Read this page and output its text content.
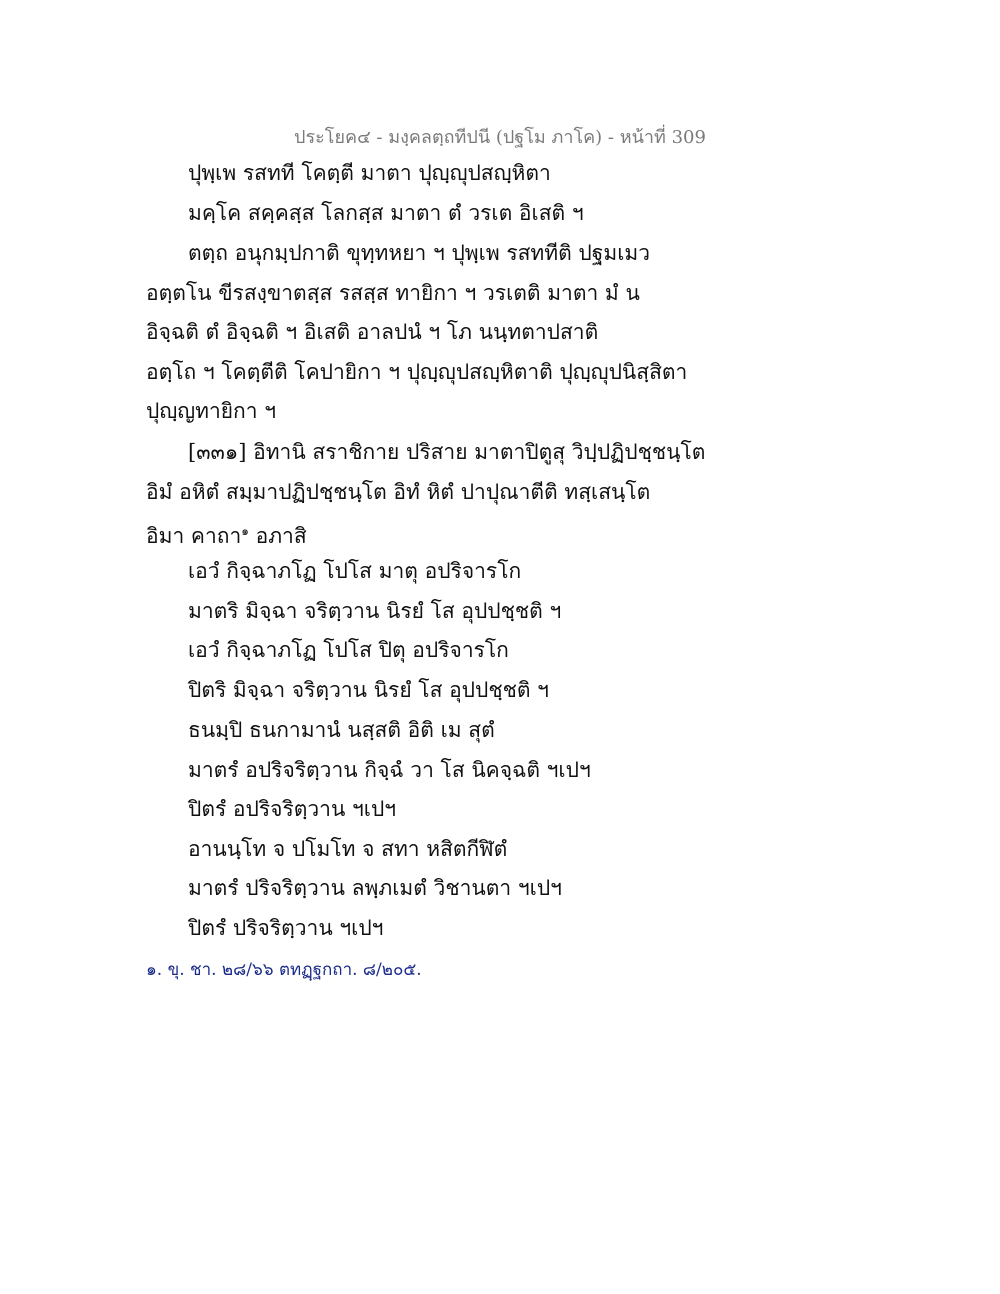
ประโยค๔ - มงฺคลตฺถทีปนี (ปฐโม ภาโค) - หน้าที่ 309
ปุพฺเพ รสทที โคตฺตี มาตา ปุญฺญุปสญฺหิตา
มคฺโค สคฺคสฺส โลกสฺส มาตา ตํ วรเต อิเสติ ฯ
ตตฺถ อนุกมฺปกาติ ขุทฺทหยา ฯ ปุพฺเพ รสททีติ ปฐมเมว
อตฺตโน ขีรสงฺขาตสฺส รสสฺส ทายิกา ฯ วรเตติ มาตา มํ น
อิจฺฉติ ตํ อิจฺฉติ ฯ อิเสติ อาลปนํ ฯ โภ นนฺทตาปสาติ
อตฺโถ ฯ โคตฺตีติ โคปายิกา ฯ ปุญฺญุปสญฺหิตาติ ปุญฺญุปนิสฺสิตา
ปุญฺญทายิกา ฯ
[๓๓๑] อิทานิ สราชิกาย ปริสาย มาตาปิตูสุ วิปฺปฏิปชฺชนฺโต
อิมํ อหิตํ สมฺมาปฏิปชฺชนฺโต อิทํ หิตํ ปาปุณาตีติ ทสฺเสนฺโต
อิมา คาถา$^๑$ อภาสิ
เอวํ กิจฺฉาภโฏ โปโส มาตุ อปริจารโก
มาตริ มิจฺฉา จริตฺวาน นิรยํ โส อุปปชฺชติ ฯ
เอวํ กิจฺฉาภโฏ โปโส ปิตุ อปริจารโก
ปิตริ มิจฺฉา จริตฺวาน นิรยํ โส อุปปชฺชติ ฯ
ธนมฺปิ ธนกามานํ นสฺสติ อิติ เม สุตํ
มาตรํ อปริจริตฺวาน กิจฺฉํ วา โส นิคจฺฉติ ฯเปฯ
ปิตรํ อปริจริตฺวาน ฯเปฯ
อานนฺโท จ ปโมโท จ สทา หสิตกีฬิตํ
มาตรํ ปริจริตฺวาน ลพฺภเมตํ วิชานตา ฯเปฯ
ปิตรํ ปริจริตฺวาน ฯเปฯ
๑. ขุ. ชา. ๒๘/๖๖ ตทฏฺฐกถา. ๘/๒๐๕.
